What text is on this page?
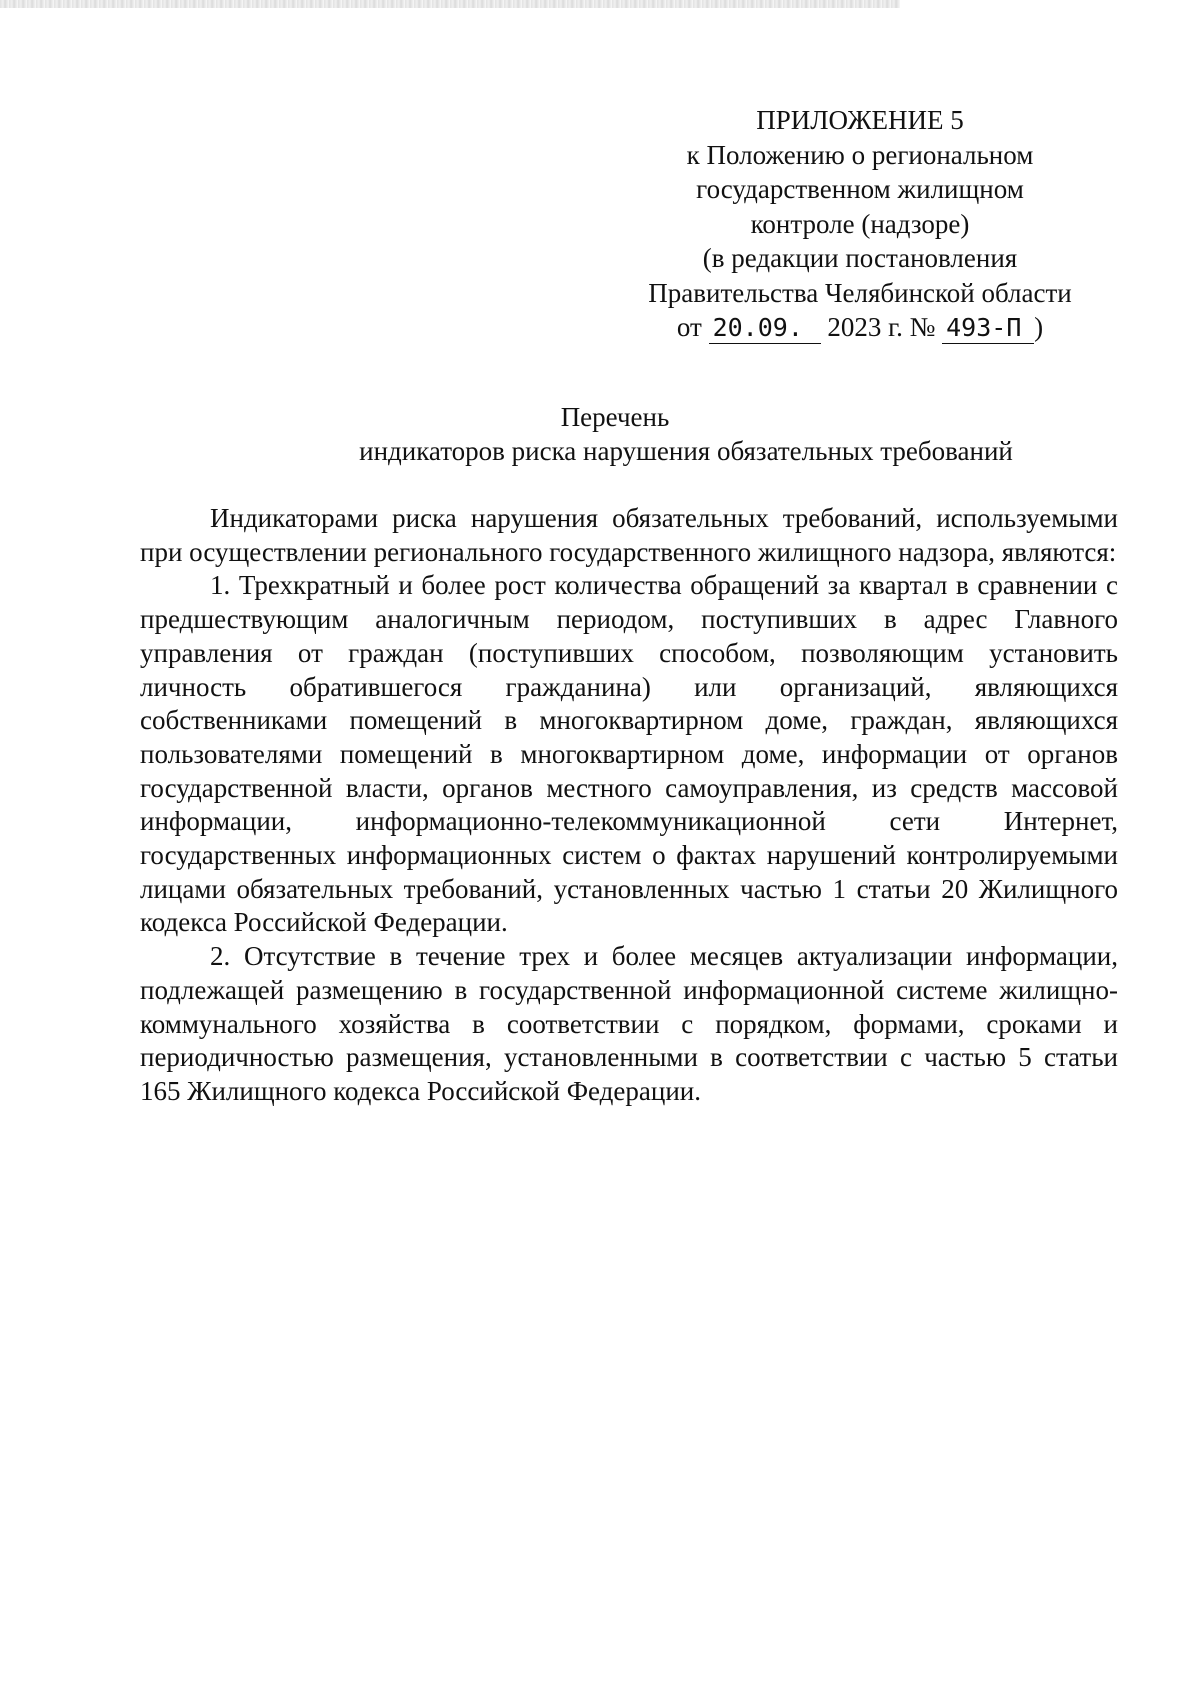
ПРИЛОЖЕНИЕ 5
к Положению о региональном
государственном жилищном
контроле (надзоре)
(в редакции постановления
Правительства Челябинской области
от 20.09. 2023 г. № 493-П )
Перечень
индикаторов риска нарушения обязательных требований

Индикаторами риска нарушения обязательных требований, используемыми при осуществлении регионального государственного жилищного надзора, являются:

1. Трехкратный и более рост количества обращений за квартал в сравнении с предшествующим аналогичным периодом, поступивших в адрес Главного управления от граждан (поступивших способом, позволяющим установить личность обратившегося гражданина) или организаций, являющихся собственниками помещений в многоквартирном доме, граждан, являющихся пользователями помещений в многоквартирном доме, информации от органов государственной власти, органов местного самоуправления, из средств массовой информации, информационно-телекоммуникационной сети Интернет, государственных информационных систем о фактах нарушений контролируемыми лицами обязательных требований, установленных частью 1 статьи 20 Жилищного кодекса Российской Федерации.

2. Отсутствие в течение трех и более месяцев актуализации информации, подлежащей размещению в государственной информационной системе жилищно-коммунального хозяйства в соответствии с порядком, формами, сроками и периодичностью размещения, установленными в соответствии с частью 5 статьи 165 Жилищного кодекса Российской Федерации.
